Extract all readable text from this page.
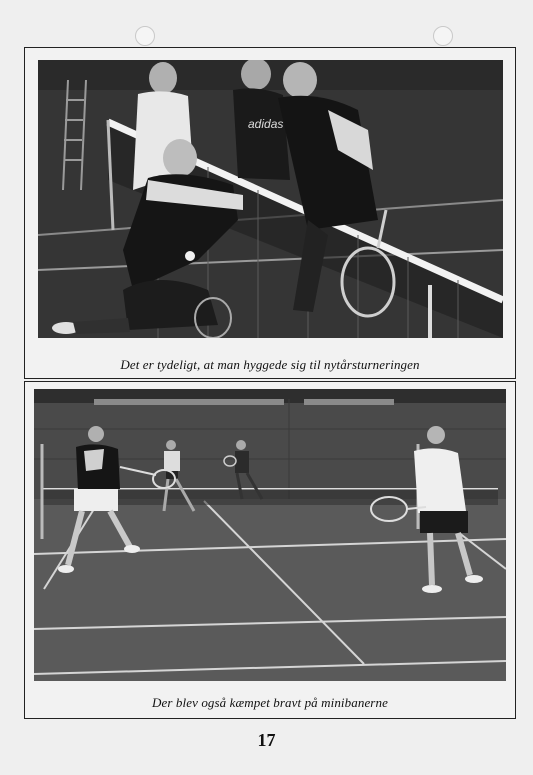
adidas
Det er tydeligt, at man hyggede sig til nytårsturneringen
Der blev også kæmpet bravt på minibanerne
17
